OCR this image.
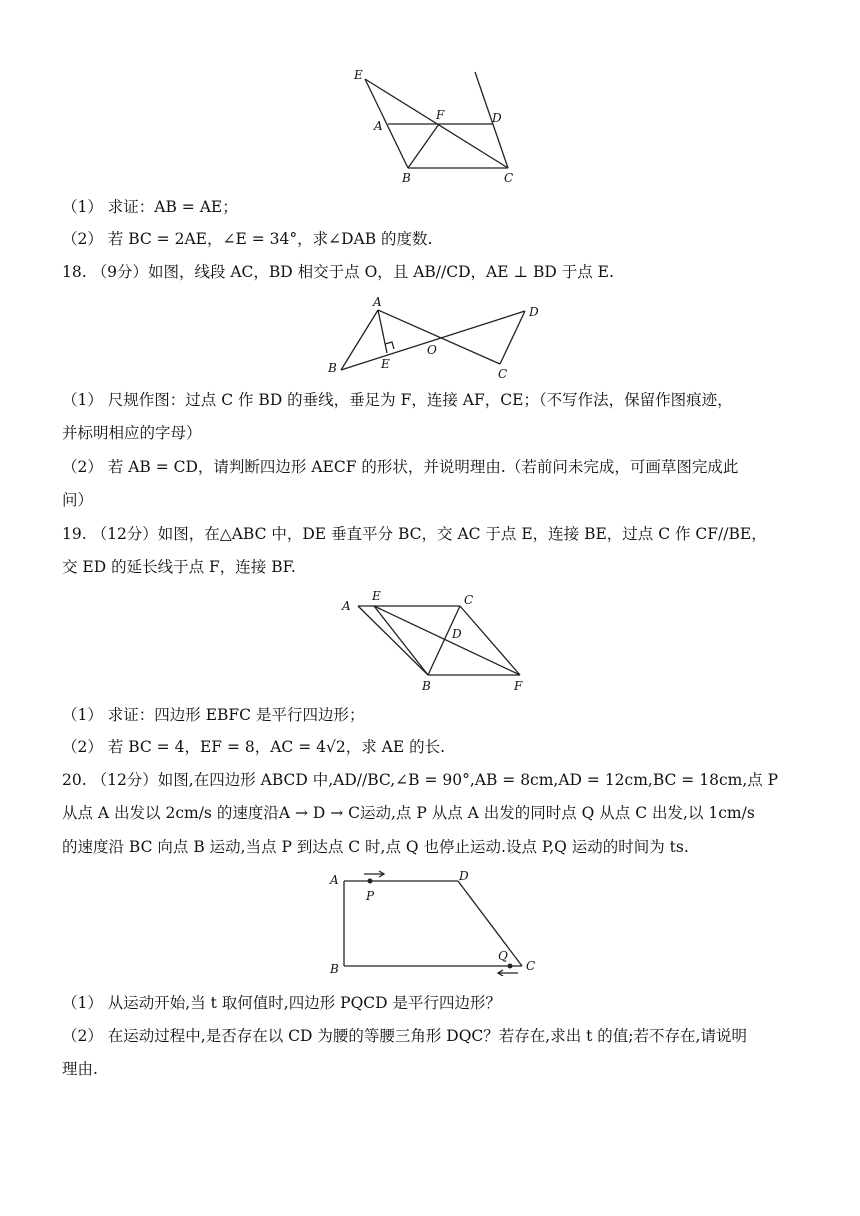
E
A
F	D
B	C
（1） 求证：AB = AE；
（2） 若 BC = 2AE，∠E = 34°，求∠DAB 的度数.
18. （9分）如图，线段 AC，BD 相交于点 O，且 AB//CD，AE ⊥ BD 于点 E.
A
B	E
O
C
D
（1） 尺规作图：过点 C 作 BD 的垂线，垂足为 F，连接 AF，CE；（不写作法，保留作图痕迹，
并标明相应的字母）
（2） 若 AB = CD，请判断四边形 AECF 的形状，并说明理由.（若前问未完成，可画草图完成此
问）
19. （12分）如图，在△ABC 中，DE 垂直平分 BC，交 AC 于点 E，连接 BE，过点 C 作 CF//BE，
交 ED 的延长线于点 F，连接 BF.
A
E	C
D
B	F
（1） 求证：四边形 EBFC 是平行四边形；
（2） 若 BC = 4，EF = 8，AC = 4√2，求 AE 的长.
20. （12分）如图,在四边形 ABCD 中,AD//BC,∠B = 90°,AB = 8cm,AD = 12cm,BC = 18cm,点 P
从点 A 出发以 2cm/s 的速度沿A → D → C运动,点 P 从点 A 出发的同时点 Q 从点 C 出发,以 1cm/s
的速度沿 BC 向点 B 运动,当点 P 到达点 C 时,点 Q 也停止运动.设点 P,Q 运动的时间为 ts.
A
P
D
B
Q
C
（1） 从运动开始,当 t 取何值时,四边形 PQCD 是平行四边形？
（2） 在运动过程中,是否存在以 CD 为腰的等腰三角形 DQC？若存在,求出 t 的值;若不存在,请说明
理由.
